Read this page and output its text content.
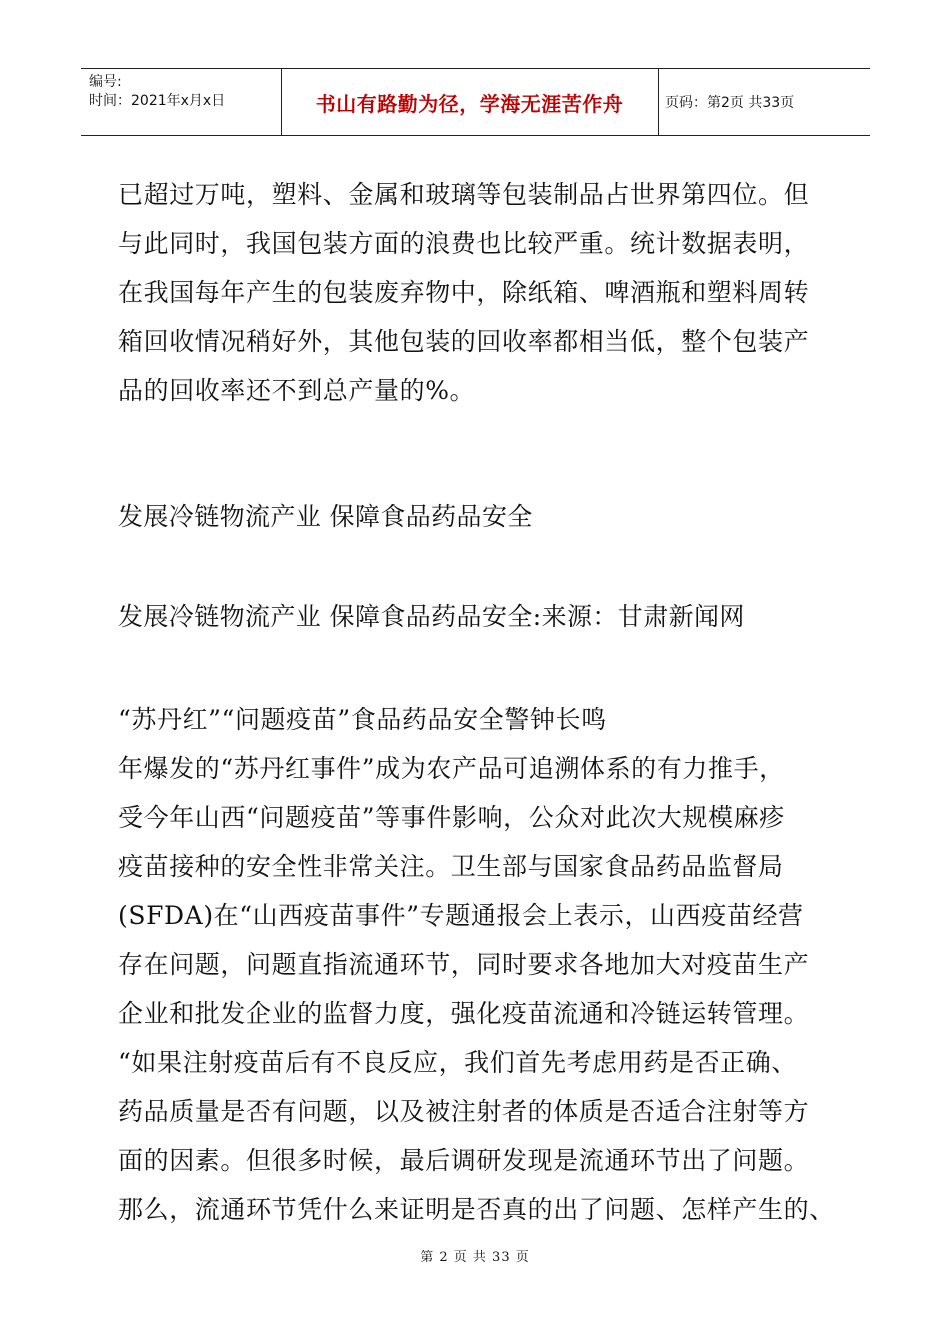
编号:
时间：2021年x月x日	书山有路勤为径，学海无涯苦作舟	页码：第2页 共33页
已超过万吨，塑料、金属和玻璃等包装制品占世界第四位。但
与此同时，我国包装方面的浪费也比较严重。统计数据表明，
在我国每年产生的包装废弃物中，除纸箱、啤酒瓶和塑料周转
箱回收情况稍好外，其他包装的回收率都相当低，整个包装产
品的回收率还不到总产量的%。
发展冷链物流产业 保障食品药品安全
发展冷链物流产业 保障食品药品安全:来源：甘肃新闻网
“苏丹红”“问题疫苗”食品药品安全警钟长鸣
年爆发的“苏丹红事件”成为农产品可追溯体系的有力推手，
受今年山西“问题疫苗”等事件影响，公众对此次大规模麻疹
疫苗接种的安全性非常关注。卫生部与国家食品药品监督局
(SFDA)在“山西疫苗事件”专题通报会上表示，山西疫苗经营
存在问题，问题直指流通环节，同时要求各地加大对疫苗生产
企业和批发企业的监督力度，强化疫苗流通和冷链运转管理。
“如果注射疫苗后有不良反应，我们首先考虑用药是否正确、
药品质量是否有问题，以及被注射者的体质是否适合注射等方
面的因素。但很多时候，最后调研发现是流通环节出了问题。
那么，流通环节凭什么来证明是否真的出了问题、怎样产生的、
第 2 页 共 33 页
